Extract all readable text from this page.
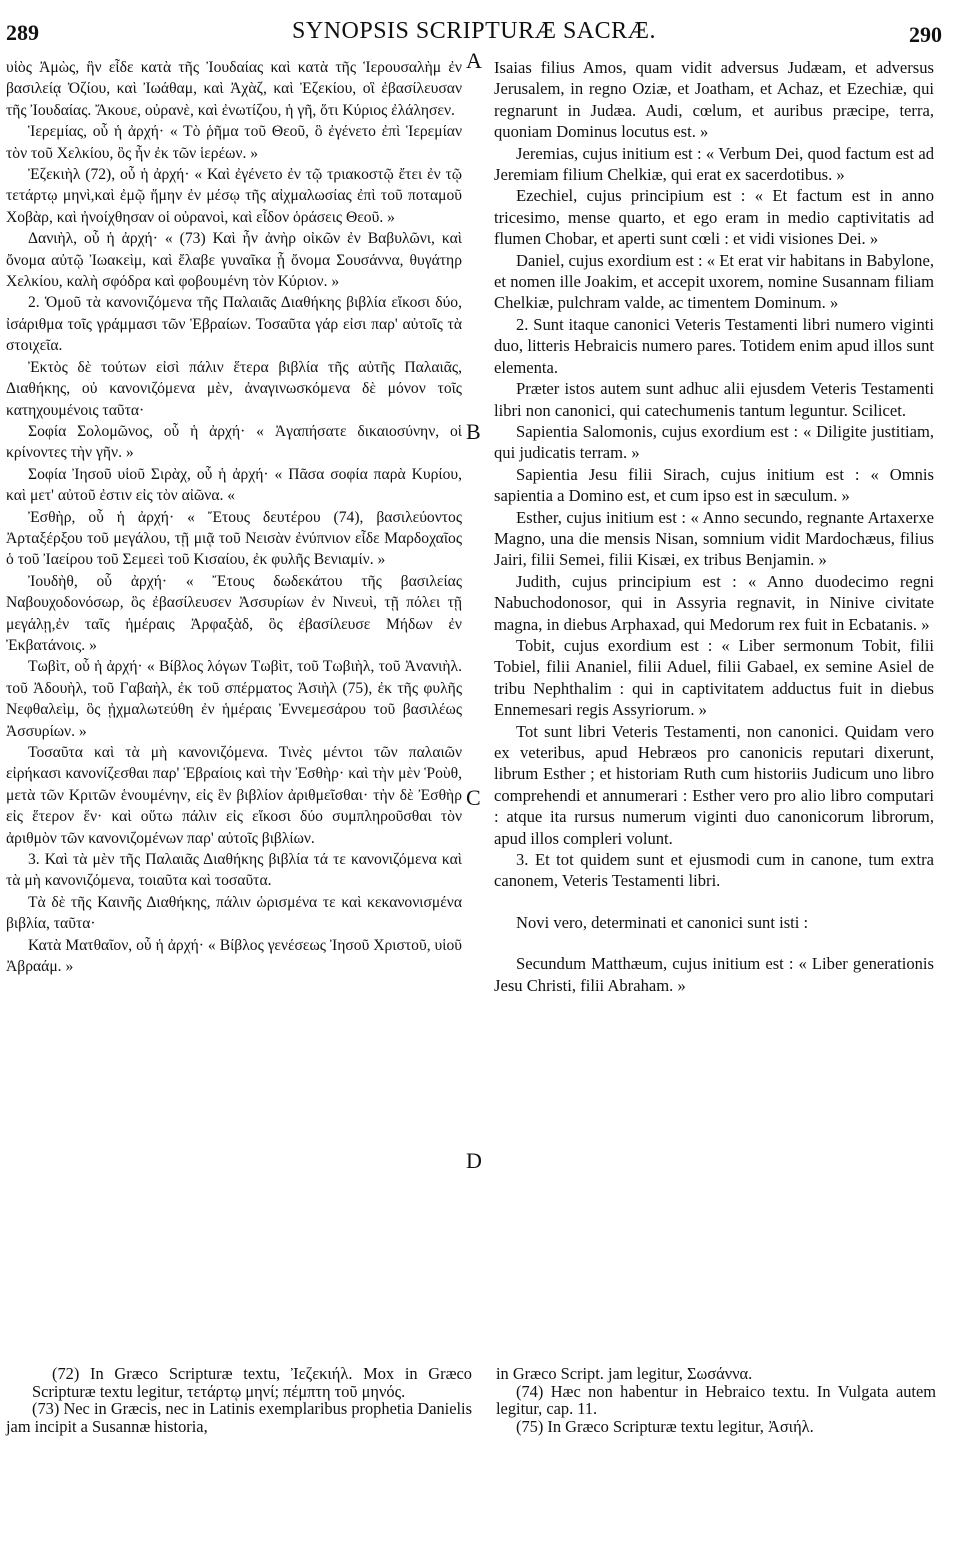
289	SYNOPSIS SCRIPTURÆ SACRÆ.	290

υἱὸς Ἀμὼς, ἣν εἶδε κατὰ τῆς Ἰουδαίας καὶ κατὰ τῆς Ἱερουσαλὴμ ἐν βασιλείᾳ Ὀζίου, καὶ Ἰωάθαμ, καὶ Ἀχὰζ, καὶ Ἐζεκίου, οἳ ἐβασίλευσαν τῆς Ἰουδαίας. Ἄκουε, οὐρανὲ, καὶ ἐνωτίζου, ἡ γῆ, ὅτι Κύριος ἐλάλησεν.

Ἱερεμίας, οὗ ἡ ἀρχή· « Τὸ ῥῆμα τοῦ Θεοῦ, ὃ ἐγένετο ἐπὶ Ἱερεμίαν τὸν τοῦ Χελκίου, ὃς ἦν ἐκ τῶν ἱερέων. »

Ἐζεκιὴλ (72), οὗ ἡ ἀρχή· « Καὶ ἐγένετο ἐν τῷ τριακοστῷ ἔτει ἐν τῷ τετάρτῳ μηνὶ,καὶ ἐμῷ ἤμην ἐν μέσῳ τῆς αἰχμαλωσίας ἐπὶ τοῦ ποταμοῦ Χοβὰρ, καὶ ἠνοίχθησαν οἱ οὐρανοὶ, καὶ εἶδον ὁράσεις Θεοῦ. »

Δανιὴλ, οὗ ἡ ἀρχή· « (73) Καὶ ἦν ἀνὴρ οἰκῶν ἐν Βαβυλῶνι, καὶ ὄνομα αὐτῷ Ἰωακεὶμ, καὶ ἔλαβε γυναῖκα ᾗ ὄνομα Σουσάννα, θυγάτηρ Χελκίου, καλὴ σφόδρα καὶ φοβουμένη τὸν Κύριον. »

2. Ὁμοῦ τὰ κανονιζόμενα τῆς Παλαιᾶς Διαθήκης βιβλία εἴκοσι δύο, ἰσάριθμα τοῖς γράμμασι τῶν Ἑβραίων. Τοσαῦτα γάρ εἰσι παρ' αὐτοῖς τὰ στοιχεῖα.

Ἐκτὸς δὲ τούτων εἰσὶ πάλιν ἕτερα βιβλία τῆς αὐτῆς Παλαιᾶς, Διαθήκης, οὐ κανονιζόμενα μὲν, ἀναγινωσκόμενα δὲ μόνον τοῖς κατηχουμένοις ταῦτα·

Σοφία Σολομῶνος, οὗ ἡ ἀρχή· « Ἀγαπήσατε δικαιοσύνην, οἱ κρίνοντες τὴν γῆν. »

Σοφία Ἰησοῦ υἱοῦ Σιρὰχ, οὗ ἡ ἀρχή· « Πᾶσα σοφία παρὰ Κυρίου, καὶ μετ' αὐτοῦ ἐστιν εἰς τὸν αἰῶνα. «

Ἐσθὴρ, οὗ ἡ ἀρχή· « Ἔτους δευτέρου (74), βασιλεύοντος Ἀρταξέρξου τοῦ μεγάλου, τῇ μιᾷ τοῦ Νεισὰν ἐνύπνιον εἶδε Μαρδοχαῖος ὁ τοῦ Ἰαείρου τοῦ Σεμεεὶ τοῦ Κισαίου, ἐκ φυλῆς Βενιαμίν. »

Ἰουδὴθ, οὗ ἀρχή· « Ἔτους δωδεκάτου τῆς βασιλείας Ναβουχοδονόσωρ, ὃς ἐβασίλευσεν Ἀσσυρίων ἐν Νινευὶ, τῇ πόλει τῇ μεγάλῃ,ἐν ταῖς ἡμέραις Ἀρφαξὰδ, ὃς ἐβασίλευσε Μήδων ἐν Ἐκβατάνοις. »

Τωβὶτ, οὗ ἡ ἀρχή· « Βίβλος λόγων Τωβὶτ, τοῦ Τωβιὴλ, τοῦ Ἀνανιὴλ. τοῦ Ἀδουὴλ, τοῦ Γαβαὴλ, ἐκ τοῦ σπέρματος Ἀσιὴλ (75), ἐκ τῆς φυλῆς Νεφθαλεὶμ, ὃς ᾐχμαλωτεύθη ἐν ἡμέραις Ἐννεμεσάρου τοῦ βασιλέως Ἀσσυρίων. »

Τοσαῦτα καὶ τὰ μὴ κανονιζόμενα. Τινὲς μέντοι τῶν παλαιῶν εἰρήκασι κανονίζεσθαι παρ' Ἑβραίοις καὶ τὴν Ἐσθὴρ· καὶ τὴν μὲν Ῥοὺθ, μετὰ τῶν Κριτῶν ἑνουμένην, εἰς ἓν βιβλίον ἀριθμεῖσθαι· τὴν δὲ Ἐσθὴρ εἰς ἕτερον ἕν· καὶ οὕτω πάλιν εἰς εἴκοσι δύο συμπληροῦσθαι τὸν ἀριθμὸν τῶν κανονιζομένων παρ' αὐτοῖς βιβλίων.

3. Καὶ τὰ μὲν τῆς Παλαιᾶς Διαθήκης βιβλία τά τε κανονιζόμενα καὶ τὰ μὴ κανονιζόμενα, τοιαῦτα καὶ τοσαῦτα.

Τὰ δὲ τῆς Καινῆς Διαθήκης, πάλιν ὡρισμένα τε καὶ κεκανονισμένα βιβλία, ταῦτα·

Κατὰ Ματθαῖον, οὗ ἡ ἀρχή· « Βίβλος γενέσεως Ἰησοῦ Χριστοῦ, υἱοῦ Ἀβραάμ. »

A
B
C
D

Isaias filius Amos, quam vidit adversus Judæam, et adversus Jerusalem, in regno Oziæ, et Joatham, et Achaz, et Ezechiæ, qui regnarunt in Judæa. Audi, cœlum, et auribus præcipe, terra, quoniam Dominus locutus est. »

Jeremias, cujus initium est : « Verbum Dei, quod factum est ad Jeremiam filium Chelkiæ, qui erat ex sacerdotibus. »

Ezechiel, cujus principium est : « Et factum est in anno tricesimo, mense quarto, et ego eram in medio captivitatis ad flumen Chobar, et aperti sunt cœli : et vidi visiones Dei. »

Daniel, cujus exordium est : « Et erat vir habitans in Babylone, et nomen ille Joakim, et accepit uxorem, nomine Susannam filiam Chelkiæ, pulchram valde, ac timentem Dominum. »

2. Sunt itaque canonici Veteris Testamenti libri numero viginti duo, litteris Hebraicis numero pares. Totidem enim apud illos sunt elementa.

Præter istos autem sunt adhuc alii ejusdem Veteris Testamenti libri non canonici, qui catechumenis tantum leguntur. Scilicet.

Sapientia Salomonis, cujus exordium est : « Diligite justitiam, qui judicatis terram. »

Sapientia Jesu filii Sirach, cujus initium est : « Omnis sapientia a Domino est, et cum ipso est in sæculum. »

Esther, cujus initium est : « Anno secundo, regnante Artaxerxe Magno, una die mensis Nisan, somnium vidit Mardochæus, filius Jairi, filii Semei, filii Kisæi, ex tribus Benjamin. »

Judith, cujus principium est : « Anno duodecimo regni Nabuchodonosor, qui in Assyria regnavit, in Ninive civitate magna, in diebus Arphaxad, qui Medorum rex fuit in Ecbatanis. »

Tobit, cujus exordium est : « Liber sermonum Tobit, filii Tobiel, filii Ananiel, filii Aduel, filii Gabael, ex semine Asiel de tribu Nephthalim : qui in captivitatem adductus fuit in diebus Ennemesari regis Assyriorum. »

Tot sunt libri Veteris Testamenti, non canonici. Quidam vero ex veteribus, apud Hebræos pro canonicis reputari dixerunt, librum Esther ; et historiam Ruth cum historiis Judicum uno libro comprehendi et annumerari : Esther vero pro alio libro computari : atque ita rursus numerum viginti duo canonicorum librorum, apud illos compleri volunt.

3. Et tot quidem sunt et ejusmodi cum in canone, tum extra canonem, Veteris Testamenti libri.

Novi vero, determinati et canonici sunt isti :

Secundum Matthæum, cujus initium est : « Liber generationis Jesu Christi, filii Abraham. »

(72) In Græco Scripturæ textu, Ἰεζεκιήλ. Mox in Græco Scripturæ textu legitur, τετάρτῳ μηνί; πέμπτη τοῦ μηνός.

(73) Nec in Græcis, nec in Latinis exemplaribus prophetia Danielis jam incipit a Susannæ historia,

in Græco Script. jam legitur, Σωσάννα.

(74) Hæc non habentur in Hebraico textu. In Vulgata autem legitur, cap. 11.

(75) In Græco Scripturæ textu legitur, Ἀσιήλ.
